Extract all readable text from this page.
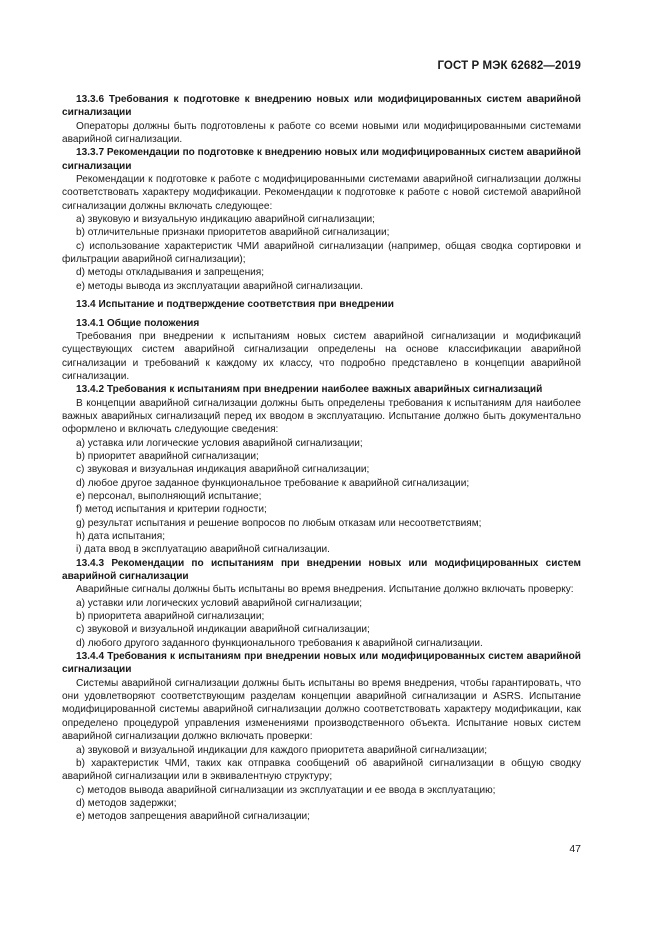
ГОСТ Р МЭК 62682—2019

13.3.6 Требования к подготовке к внедрению новых или модифицированных систем аварийной сигнализации

Операторы должны быть подготовлены к работе со всеми новыми или модифицированными системами аварийной сигнализации.

13.3.7 Рекомендации по подготовке к внедрению новых или модифицированных систем аварийной сигнализации

Рекомендации к подготовке к работе с модифицированными системами аварийной сигнализации должны соответствовать характеру модификации. Рекомендации к подготовке к работе с новой системой аварийной сигнализации должны включать следующее:

a) звуковую и визуальную индикацию аварийной сигнализации;

b) отличительные признаки приоритетов аварийной сигнализации;

c) использование характеристик ЧМИ аварийной сигнализации (например, общая сводка сортировки и фильтрации аварийной сигнализации);

d) методы откладывания и запрещения;

e) методы вывода из эксплуатации аварийной сигнализации.

13.4 Испытание и подтверждение соответствия при внедрении

13.4.1 Общие положения

Требования при внедрении к испытаниям новых систем аварийной сигнализации и модификаций существующих систем аварийной сигнализации определены на основе классификации аварийной сигнализации и требований к каждому их классу, что подробно представлено в концепции аварийной сигнализации.

13.4.2 Требования к испытаниям при внедрении наиболее важных аварийных сигнализаций

В концепции аварийной сигнализации должны быть определены требования к испытаниям для наиболее важных аварийных сигнализаций перед их вводом в эксплуатацию. Испытание должно быть документально оформлено и включать следующие сведения:

a) уставка или логические условия аварийной сигнализации;

b) приоритет аварийной сигнализации;

c) звуковая и визуальная индикация аварийной сигнализации;

d) любое другое заданное функциональное требование к аварийной сигнализации;

e) персонал, выполняющий испытание;

f) метод испытания и критерии годности;

g) результат испытания и решение вопросов по любым отказам или несоответствиям;

h) дата испытания;

i) дата ввод в эксплуатацию аварийной сигнализации.

13.4.3 Рекомендации по испытаниям при внедрении новых или модифицированных систем аварийной сигнализации

Аварийные сигналы должны быть испытаны во время внедрения. Испытание должно включать проверку:

a) уставки или логических условий аварийной сигнализации;

b) приоритета аварийной сигнализации;

c) звуковой и визуальной индикации аварийной сигнализации;

d) любого другого заданного функционального требования к аварийной сигнализации.

13.4.4 Требования к испытаниям при внедрении новых или модифицированных систем аварийной сигнализации

Системы аварийной сигнализации должны быть испытаны во время внедрения, чтобы гарантировать, что они удовлетворяют соответствующим разделам концепции аварийной сигнализации и ASRS. Испытание модифицированной системы аварийной сигнализации должно соответствовать характеру модификации, как определено процедурой управления изменениями производственного объекта. Испытание новых систем аварийной сигнализации должно включать проверки:

a) звуковой и визуальной индикации для каждого приоритета аварийной сигнализации;

b) характеристик ЧМИ, таких как отправка сообщений об аварийной сигнализации в общую сводку аварийной сигнализации или в эквивалентную структуру;

c) методов вывода аварийной сигнализации из эксплуатации и ее ввода в эксплуатацию;

d) методов задержки;

e) методов запрещения аварийной сигнализации;

47
